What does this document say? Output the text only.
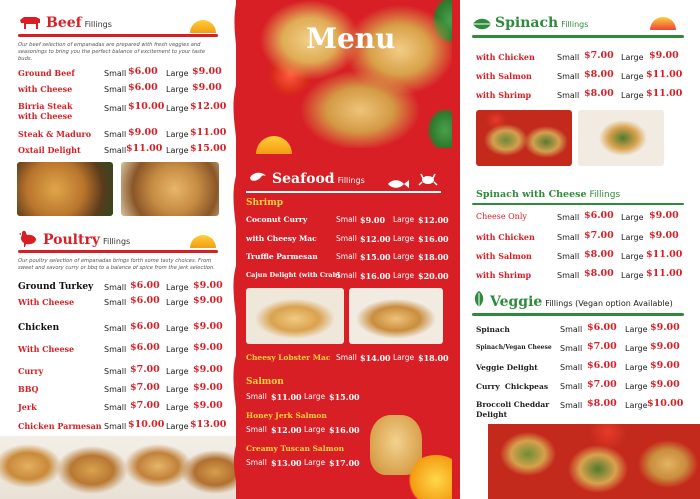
Beef Fillings
Our beef selection of empanadas are prepared with fresh veggies and seasonings to bring you the perfect balance of excitement to your taste buds.
Ground Beef	Small $6.00 Large $9.00
with Cheese	Small $6.00 Large $9.00
Birria Steak with Cheese
Small $10.00 Large $12.00
Steak & Maduro Small $9.00 Large $11.00
Oxtail Delight	Small $11.00 Large $15.00
Poultry Fillings
Our poultry selection of empanadas brings forth some tasty choices. From sweet and savory curry or bbq to a balance of spice from the jerk selection.
Ground Turkey Small $6.00 Large $9.00
With Cheese	Small $6.00 Large $9.00
Chicken	Small $6.00 Large $9.00
With Cheese	Small $6.00 Large $9.00
Curry	Small $7.00 Large $9.00
BBQ	Small $7.00 Large $9.00
Jerk	Small $7.00 Large $9.00
Chicken Parmesan Small $10.00 Large $13.00
Menu
Seafood Fillings
Shrimp
Coconut Curry	Small $9.00 Large $12.00
with Cheesy Mac	Small $12.00 Large $16.00
Truffle Parmesan Small $15.00 Large $18.00
Cajun Delight (with Crab)
Small $16.00 Large $20.00
Cheesy Lobster Mac Small $14.00 Large $18.00
Salmon
Small $11.00 Large $15.00
Honey Jerk Salmon
Small $12.00 Large $16.00
Creamy Tuscan Salmon
Small $13.00 Large $17.00
Spinach Fillings
with Chicken	Small $7.00 Large $9.00
with Salmon	Small $8.00 Large $11.00
with Shrimp	Small $8.00 Large $11.00
Spinach with Cheese Fillings
Cheese Only	Small $6.00 Large $9.00
with Chicken	Small $7.00 Large $9.00
with Salmon	Small $8.00 Large $11.00
with Shrimp	Small $8.00 Large $11.00
Veggie Fillings (Vegan option Available)
Spinach	Small $6.00 Large $9.00
Spinach/Vegan Cheese Small $7.00 Large $9.00
Veggie Delight	Small $6.00 Large $9.00
Curry  Chickpeas Small $7.00 Large $9.00
Broccoli Cheddar Delight
Small $8.00 Large $10.00
